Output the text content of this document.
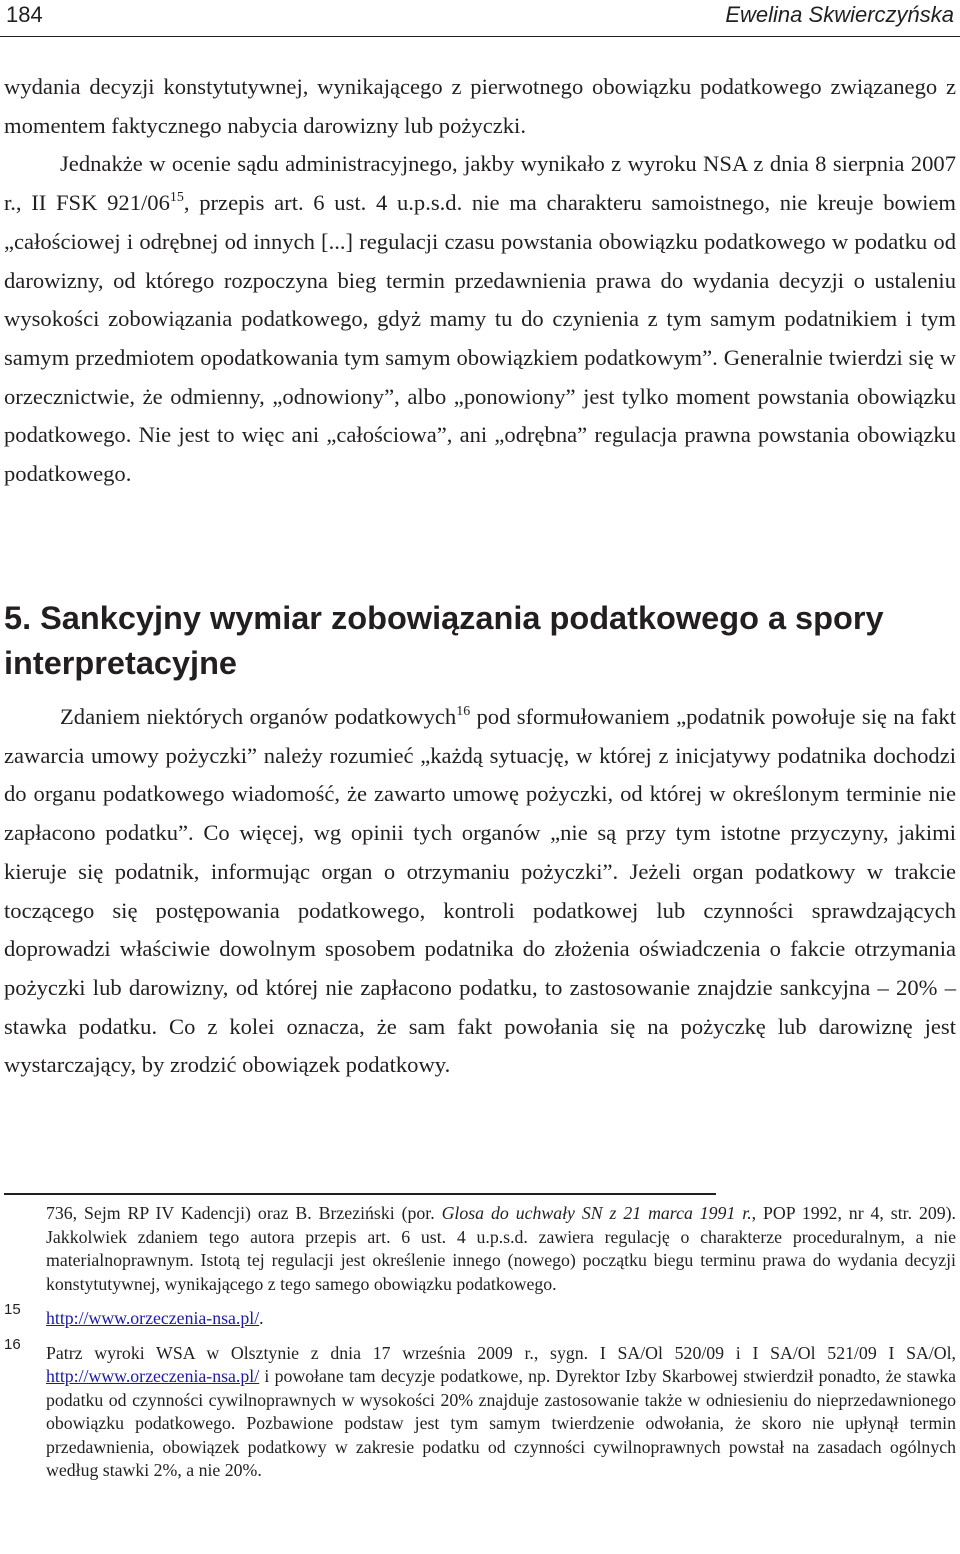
184	Ewelina Skwierczyńska

wydania decyzji konstytutywnej, wynikającego z pierwotnego obowiązku podatkowego związanego z momentem faktycznego nabycia darowizny lub pożyczki.

Jednakże w ocenie sądu administracyjnego, jakby wynikało z wyroku NSA z dnia 8 sierpnia 2007 r., II FSK $921/06^{15}$, przepis art. 6 ust. 4 u.p.s.d. nie ma charakteru samoistnego, nie kreuje bowiem „całościowej i odrębnej od innych [...] regulacji czasu powstania obowiązku podatkowego w podatku od darowizny, od którego rozpoczyna bieg termin przedawnienia prawa do wydania decyzji o ustaleniu wysokości zobowiązania podatkowego, gdyż mamy tu do czynienia z tym samym podatnikiem i tym samym przedmiotem opodatkowania tym samym obowiązkiem podatkowym”. Generalnie twierdzi się w orzecznictwie, że odmienny, „odnowiony”, albo „ponowiony” jest tylko moment powstania obowiązku podatkowego. Nie jest to więc ani „całościowa”, ani „odrębna” regulacja prawna powstania obowiązku podatkowego.

5. Sankcyjny wymiar zobowiązania podatkowego a spory interpretacyjne

Zdaniem niektórych organów podatkowych$^{16}$ pod sformułowaniem „podatnik powołuje się na fakt zawarcia umowy pożyczki” należy rozumieć „każdą sytuację, w której z inicjatywy podatnika dochodzi do organu podatkowego wiadomość, że zawarto umowę pożyczki, od której w określonym terminie nie zapłacono podatku”. Co więcej, wg opinii tych organów „nie są przy tym istotne przyczyny, jakimi kieruje się podatnik, informując organ o otrzymaniu pożyczki”. Jeżeli organ podatkowy w trakcie toczącego się postępowania podatkowego, kontroli podatkowej lub czynności sprawdzających doprowadzi właściwie dowolnym sposobem podatnika do złożenia oświadczenia o fakcie otrzymania pożyczki lub darowizny, od której nie zapłacono podatku, to zastosowanie znajdzie sankcyjna – 20% – stawka podatku. Co z kolei oznacza, że sam fakt powołania się na pożyczkę lub darowiznę jest wystarczający, by zrodzić obowiązek podatkowy.

736, Sejm RP IV Kadencji) oraz B. Brzeziński (por. Glosa do uchwały SN z 21 marca 1991 r., POP 1992, nr 4, str. 209). Jakkolwiek zdaniem tego autora przepis art. 6 ust. 4 u.p.s.d. zawiera regulację o charakterze proceduralnym, a nie materialnoprawnym. Istotą tej regulacji jest określenie innego (nowego) początku biegu terminu prawa do wydania decyzji konstytutywnej, wynikającego z tego samego obowiązku podatkowego.
15	http://www.orzeczenia-nsa.pl/.
16	Patrz wyroki WSA w Olsztynie z dnia 17 września 2009 r., sygn. I SA/Ol 520/09 i I SA/Ol 521/09 I SA/Ol, http://www.orzeczenia-nsa.pl/ i powołane tam decyzje podatkowe, np. Dyrektor Izby Skarbowej stwierdził ponadto, że stawka podatku od czynności cywilnoprawnych w wysokości 20% znajduje zastosowanie także w odniesieniu do nieprzedawnionego obowiązku podatkowego. Pozbawione podstaw jest tym samym twierdzenie odwołania, że skoro nie upłynął termin przedawnienia, obowiązek podatkowy w zakresie podatku od czynności cywilnoprawnych powstał na zasadach ogólnych według stawki 2%, a nie 20%.
